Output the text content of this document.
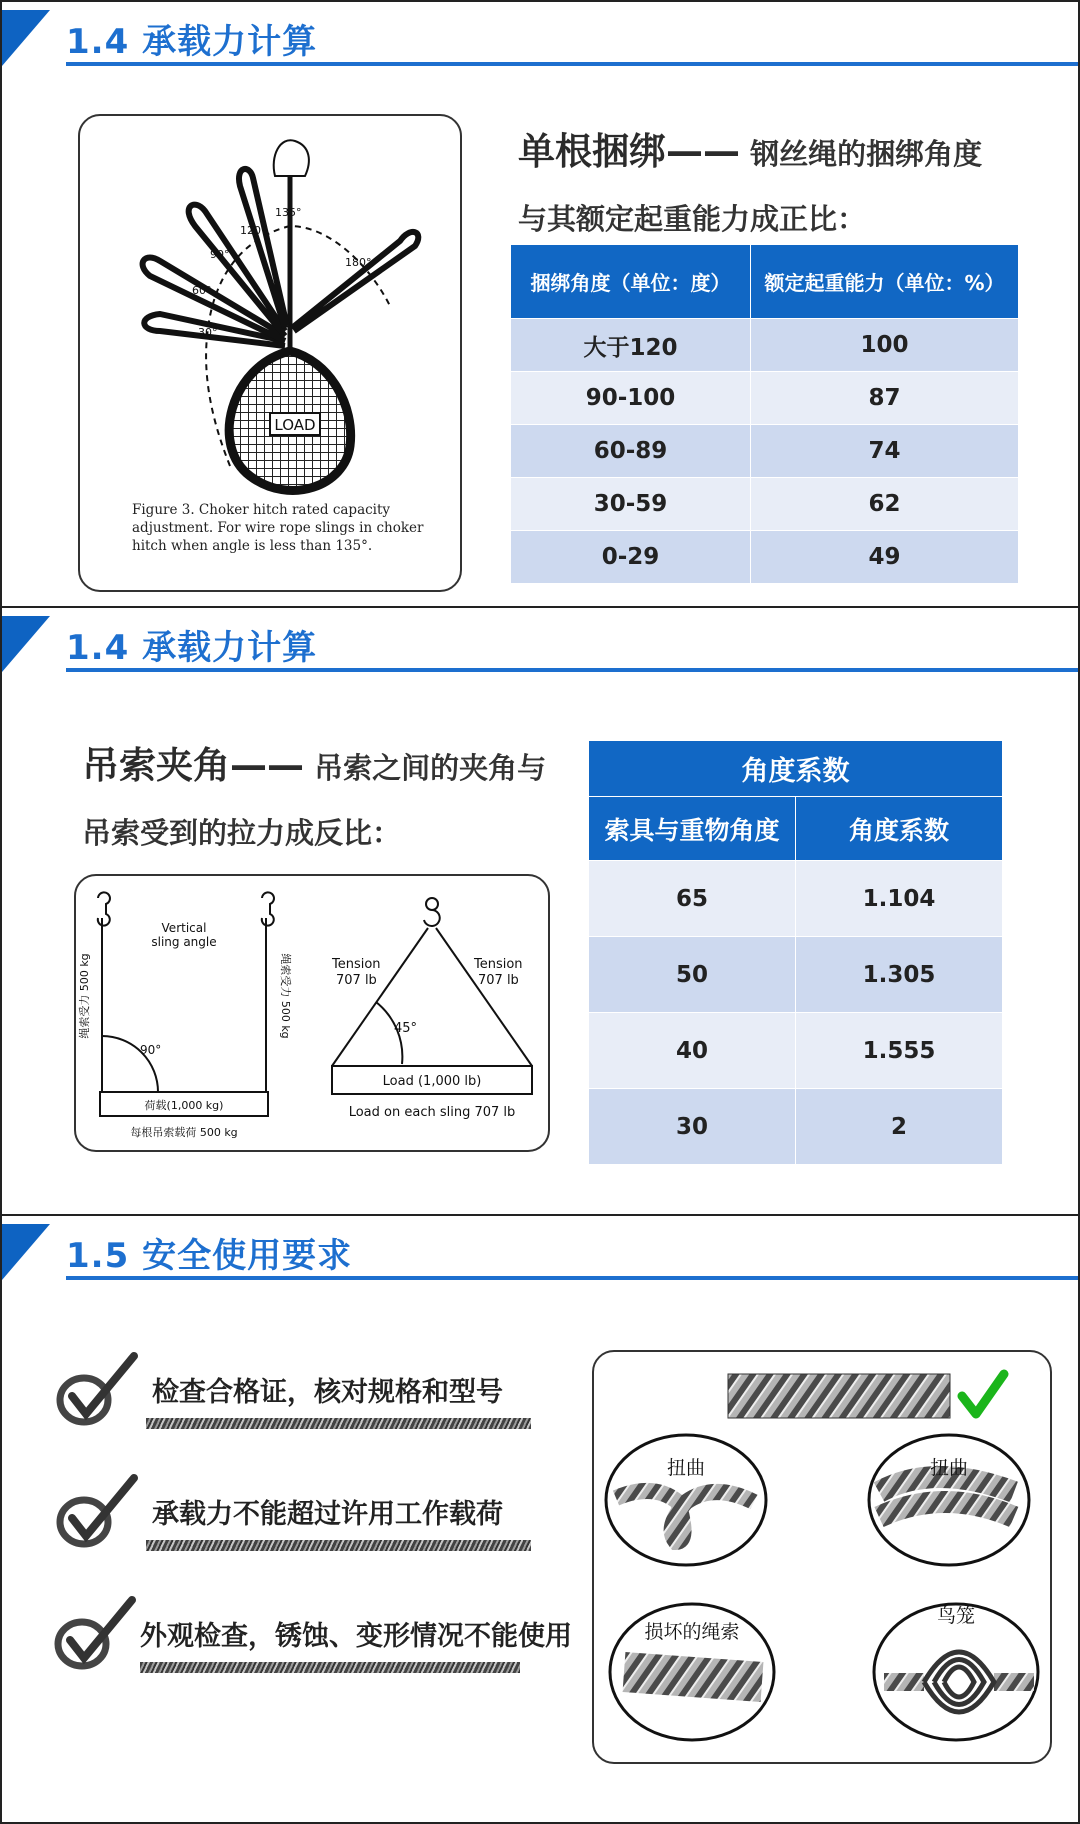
1.4 承载力计算
LOAD
30°
60°
90°
120°
135°
180°
Figure 3. Choker hitch rated capacity
adjustment. For wire rope slings in choker
hitch when angle is less than 135°.
单根捆绑—— 钢丝绳的捆绑角度与其额定起重能力成正比：
捆绑角度（单位：度）	额定起重能力（单位：%）
大于120	100
90-100	87
60-89	74
30-59	62
0-29	49
1.4 承载力计算
吊索夹角—— 吊索之间的夹角与吊索受到的拉力成反比：
Vertical
sling angle
90°
荷载(1,000 kg)
每根吊索载荷 500 kg
绳索受力 500 kg	绳索受力 500 kg	Tension
707 lb
Tension
707 lb
45°
Load (1,000 lb)
Load on each sling 707 lb
角度系数	
索具与重物角度	角度系数
65	1.104
50	1.305
40	1.555
30	2
1.5 安全使用要求
检查合格证，核对规格和型号
承载力不能超过许用工作载荷
外观检查，锈蚀、变形情况不能使用
扭曲	扭曲
损坏的绳索
鸟笼
